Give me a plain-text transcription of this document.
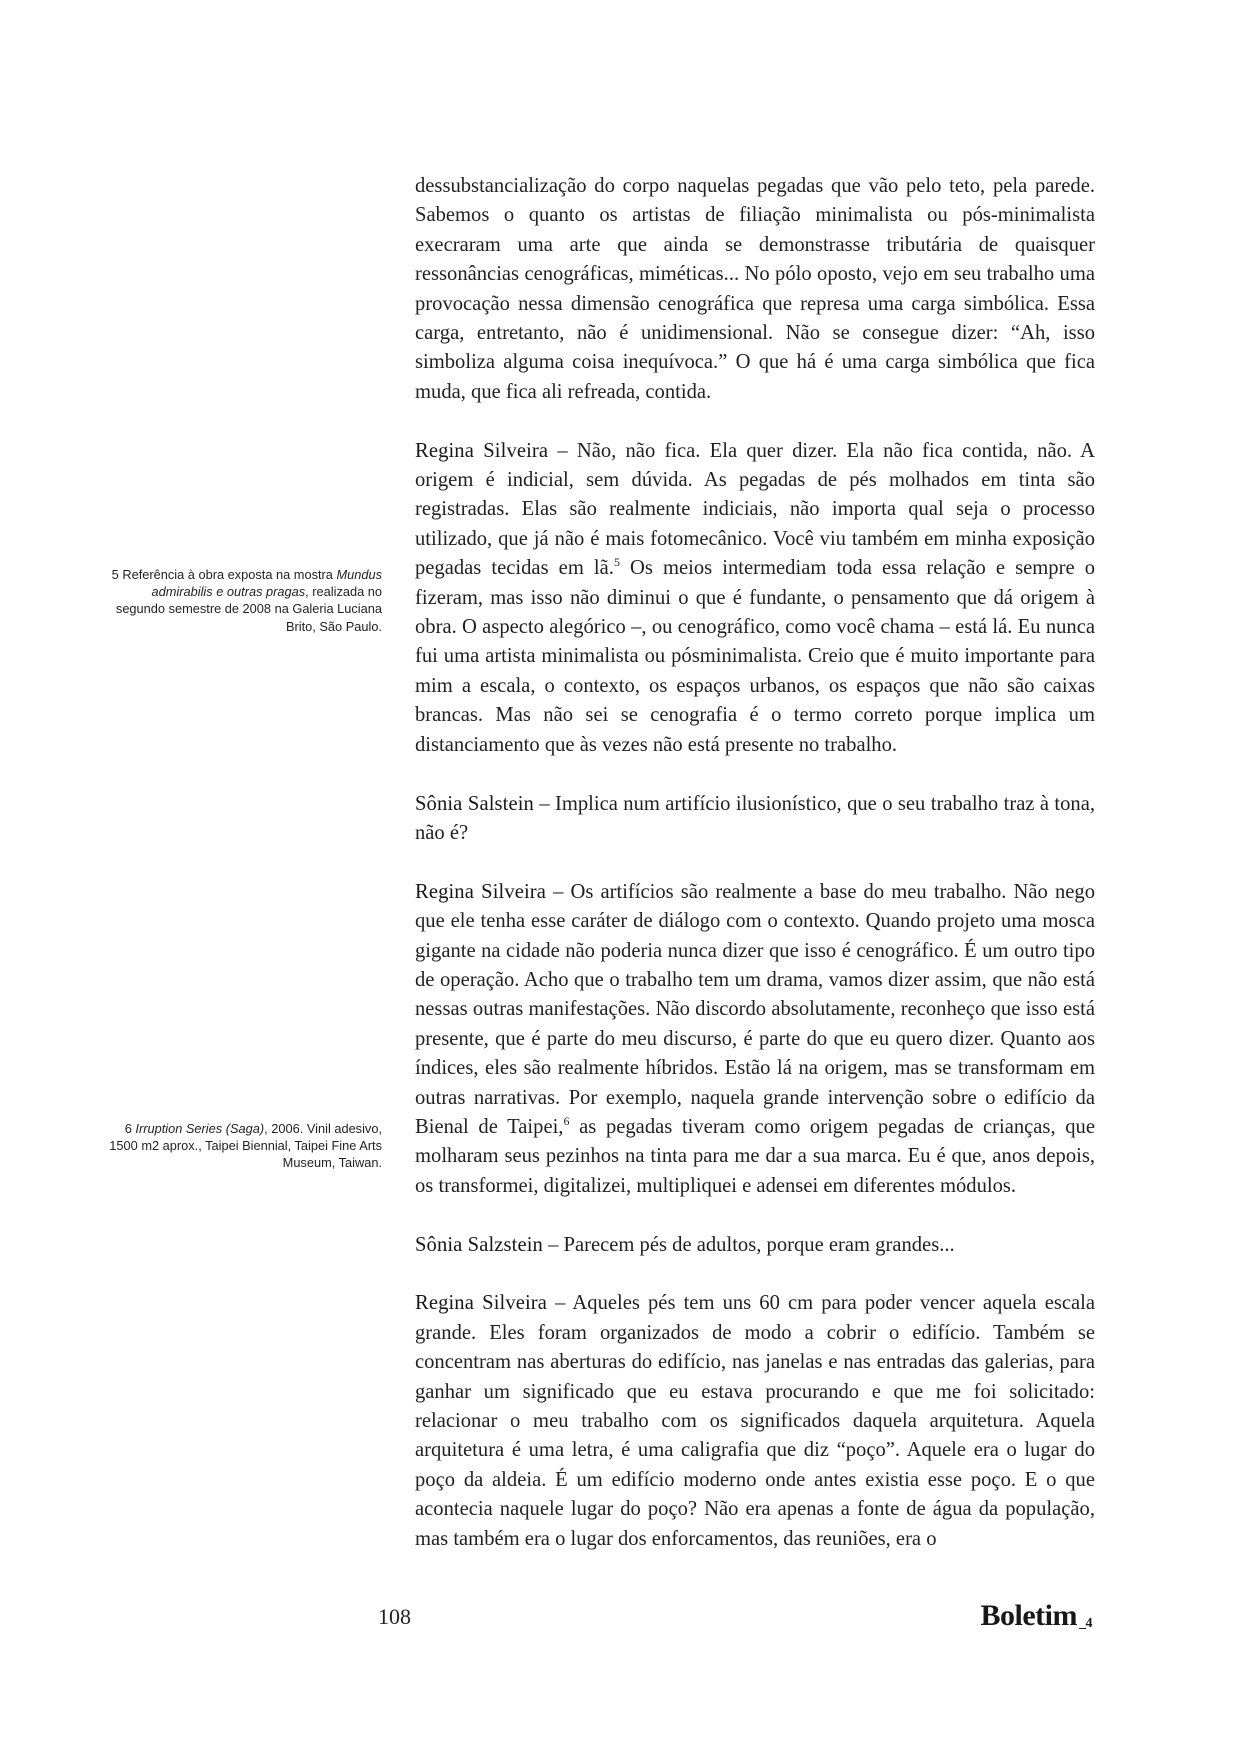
5 Referência à obra exposta na mostra Mundus admirabilis e outras pragas, realizada no segundo semestre de 2008 na Galeria Luciana Brito, São Paulo.
6 Irruption Series (Saga), 2006. Vinil adesivo, 1500 m2 aprox., Taipei Biennial, Taipei Fine Arts Museum, Taiwan.

dessubstancialização do corpo naquelas pegadas que vão pelo teto, pela parede. Sabemos o quanto os artistas de filiação minimalista ou pós-minimalista execraram uma arte que ainda se demonstrasse tributária de quaisquer ressonâncias cenográficas, miméticas... No pólo oposto, vejo em seu trabalho uma provocação nessa dimensão cenográfica que represa uma carga simbólica. Essa carga, entretanto, não é unidimensional. Não se consegue dizer: “Ah, isso simboliza alguma coisa inequívoca.” O que há é uma carga simbólica que fica muda, que fica ali refreada, contida.

Regina Silveira – Não, não fica. Ela quer dizer. Ela não fica contida, não. A origem é indicial, sem dúvida. As pegadas de pés molhados em tinta são registradas. Elas são realmente indiciais, não importa qual seja o processo utilizado, que já não é mais fotomecânico. Você viu também em minha exposição pegadas tecidas em lã.$^5$ Os meios intermediam toda essa relação e sempre o fizeram, mas isso não diminui o que é fundante, o pensamento que dá origem à obra. O aspecto alegórico –, ou cenográfico, como você chama – está lá. Eu nunca fui uma artista minimalista ou pósminimalista. Creio que é muito importante para mim a escala, o contexto, os espaços urbanos, os espaços que não são caixas brancas. Mas não sei se cenografia é o termo correto porque implica um distanciamento que às vezes não está presente no trabalho.

Sônia Salstein – Implica num artifício ilusionístico, que o seu trabalho traz à tona, não é?

Regina Silveira – Os artifícios são realmente a base do meu trabalho. Não nego que ele tenha esse caráter de diálogo com o contexto. Quando projeto uma mosca gigante na cidade não poderia nunca dizer que isso é cenográfico. É um outro tipo de operação. Acho que o trabalho tem um drama, vamos dizer assim, que não está nessas outras manifestações. Não discordo absolutamente, reconheço que isso está presente, que é parte do meu discurso, é parte do que eu quero dizer. Quanto aos índices, eles são realmente híbridos. Estão lá na origem, mas se transformam em outras narrativas. Por exemplo, naquela grande intervenção sobre o edifício da Bienal de Taipei,$^6$ as pegadas tiveram como origem pegadas de crianças, que molharam seus pezinhos na tinta para me dar a sua marca. Eu é que, anos depois, os transformei, digitalizei, multipliquei e adensei em diferentes módulos.

Sônia Salzstein – Parecem pés de adultos, porque eram grandes...

Regina Silveira – Aqueles pés tem uns 60 cm para poder vencer aquela escala grande. Eles foram organizados de modo a cobrir o edifício. Também se concentram nas aberturas do edifício, nas janelas e nas entradas das galerias, para ganhar um significado que eu estava procurando e que me foi solicitado: relacionar o meu trabalho com os significados daquela arquitetura. Aquela arquitetura é uma letra, é uma caligrafia que diz “poço”. Aquele era o lugar do poço da aldeia. É um edifício moderno onde antes existia esse poço. E o que acontecia naquele lugar do poço? Não era apenas a fonte de água da população, mas também era o lugar dos enforcamentos, das reuniões, era o

108	Boletim _4
